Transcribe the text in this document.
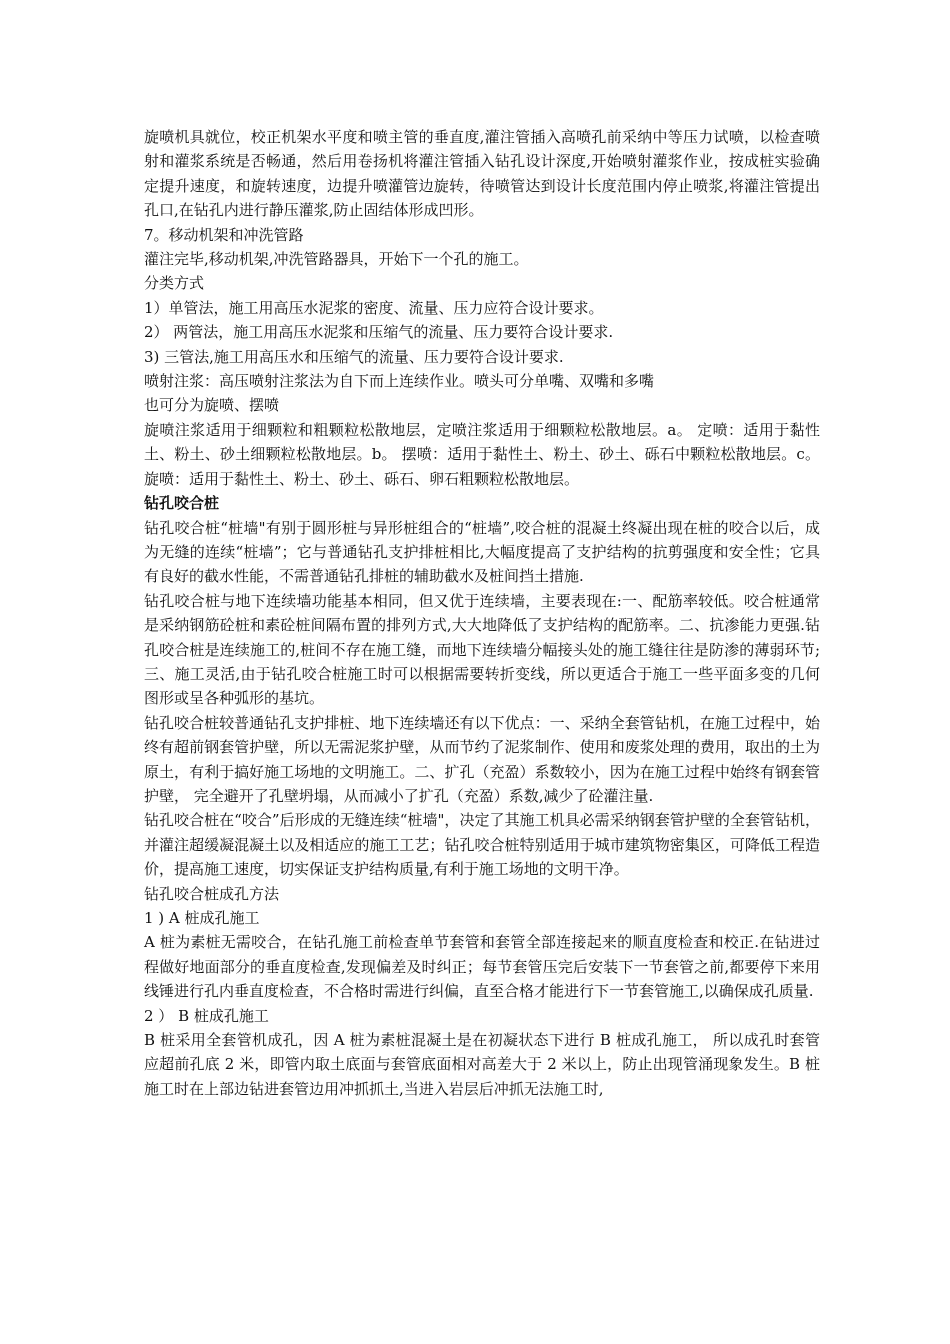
旋喷机具就位，校正机架水平度和喷主管的垂直度,灌注管插入高喷孔前采纳中等压力试喷，以检查喷射和灌浆系统是否畅通，然后用卷扬机将灌注管插入钻孔设计深度,开始喷射灌浆作业，按成桩实验确定提升速度，和旋转速度，边提升喷灌管边旋转，待喷管达到设计长度范围内停止喷浆,将灌注管提出孔口,在钻孔内进行静压灌浆,防止固结体形成凹形。

7。移动机架和冲洗管路

灌注完毕,移动机架,冲洗管路器具，开始下一个孔的施工。

分类方式

1）单管法，施工用高压水泥浆的密度、流量、压力应符合设计要求。

2） 两管法，施工用高压水泥浆和压缩气的流量、压力要符合设计要求.

3) 三管法,施工用高压水和压缩气的流量、压力要符合设计要求.

喷射注浆：高压喷射注浆法为自下而上连续作业。喷头可分单嘴、双嘴和多嘴

也可分为旋喷、摆喷

旋喷注浆适用于细颗粒和粗颗粒松散地层，定喷注浆适用于细颗粒松散地层。a。 定喷：适用于黏性土、粉土、砂土细颗粒松散地层。b。 摆喷：适用于黏性土、粉土、砂土、砾石中颗粒松散地层。c。 旋喷：适用于黏性土、粉土、砂土、砾石、卵石粗颗粒松散地层。

钻孔咬合桩

钻孔咬合桩“桩墙"有别于圆形桩与异形桩组合的“桩墙”,咬合桩的混凝土终凝出现在桩的咬合以后，成为无缝的连续“桩墙”；它与普通钻孔支护排桩相比,大幅度提高了支护结构的抗剪强度和安全性；它具有良好的截水性能，不需普通钻孔排桩的辅助截水及桩间挡土措施.

钻孔咬合桩与地下连续墙功能基本相同，但又优于连续墙，主要表现在:一、配筋率较低。咬合桩通常是采纳钢筋砼桩和素砼桩间隔布置的排列方式,大大地降低了支护结构的配筋率。二、抗渗能力更强.钻孔咬合桩是连续施工的,桩间不存在施工缝，而地下连续墙分幅接头处的施工缝往往是防渗的薄弱环节;三、施工灵活,由于钻孔咬合桩施工时可以根据需要转折变线，所以更适合于施工一些平面多变的几何图形或呈各种弧形的基坑。

钻孔咬合桩较普通钻孔支护排桩、地下连续墙还有以下优点：一、采纳全套管钻机，在施工过程中，始终有超前钢套管护壁，所以无需泥浆护壁，从而节约了泥浆制作、使用和废浆处理的费用，取出的土为原土，有利于搞好施工场地的文明施工。二、扩孔（充盈）系数较小，因为在施工过程中始终有钢套管护壁， 完全避开了孔壁坍塌，从而减小了扩孔（充盈）系数,减少了砼灌注量.

钻孔咬合桩在“咬合”后形成的无缝连续“桩墙"，决定了其施工机具必需采纳钢套管护壁的全套管钻机，并灌注超缓凝混凝土以及相适应的施工工艺；钻孔咬合桩特别适用于城市建筑物密集区，可降低工程造价，提高施工速度，切实保证支护结构质量,有利于施工场地的文明干净。

钻孔咬合桩成孔方法

1 ) A 桩成孔施工

A 桩为素桩无需咬合，在钻孔施工前检查单节套管和套管全部连接起来的顺直度检查和校正.在钻进过程做好地面部分的垂直度检查,发现偏差及时纠正；每节套管压完后安装下一节套管之前,都要停下来用线锤进行孔内垂直度检查，不合格时需进行纠偏，直至合格才能进行下一节套管施工,以确保成孔质量.

2 ） B 桩成孔施工

B 桩采用全套管机成孔，因 A 桩为素桩混凝土是在初凝状态下进行 B 桩成孔施工， 所以成孔时套管应超前孔底 2 米，即管内取土底面与套管底面相对高差大于 2 米以上，防止出现管涌现象发生。B 桩施工时在上部边钻进套管边用冲抓抓土,当进入岩层后冲抓无法施工时,
